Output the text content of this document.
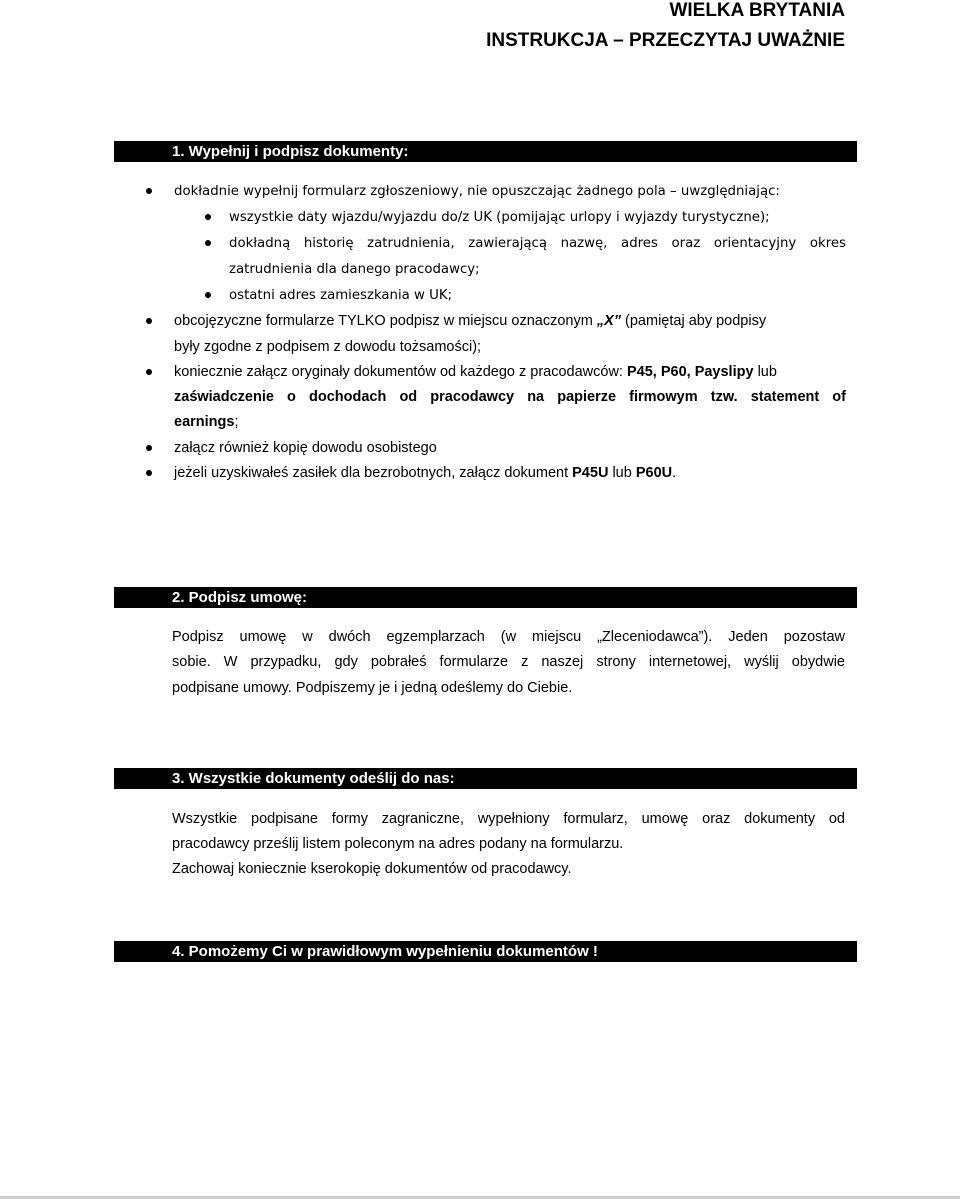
WIELKA BRYTANIA
INSTRUKCJA – PRZECZYTAJ UWAŻNIE
1. Wypełnij i podpisz dokumenty:
dokładnie wypełnij formularz zgłoszeniowy, nie opuszczając żadnego pola – uwzględniając:
wszystkie daty wjazdu/wyjazdu do/z UK (pomijając urlopy i wyjazdy turystyczne);
dokładną historię zatrudnienia, zawierającą nazwę, adres oraz orientacyjny okres
zatrudnienia dla danego pracodawcy;
ostatni adres zamieszkania w UK;
obcojęzyczne formularze TYLKO podpisz w miejscu oznaczonym „X” (pamiętaj aby podpisy
były zgodne z podpisem z dowodu tożsamości);
koniecznie załącz oryginały dokumentów od każdego z pracodawców: P45, P60, Payslipy lub
zaświadczenie o dochodach od pracodawcy na papierze firmowym tzw. statement of
earnings;
załącz również kopię dowodu osobistego
jeżeli uzyskiwałeś zasiłek dla bezrobotnych, załącz dokument P45U lub P60U.
2. Podpisz umowę:
Podpisz umowę w dwóch egzemplarzach (w miejscu „Zleceniodawca”). Jeden pozostaw
sobie. W przypadku, gdy pobrałeś formularze z naszej strony internetowej, wyślij obydwie
podpisane umowy. Podpiszemy je i jedną odeślemy do Ciebie.
3. Wszystkie dokumenty odeślij do nas:
Wszystkie podpisane formy zagraniczne, wypełniony formularz, umowę oraz dokumenty od
pracodawcy prześlij listem poleconym na adres podany na formularzu.
Zachowaj koniecznie kserokopię dokumentów od pracodawcy.
4. Pomożemy Ci w prawidłowym wypełnieniu dokumentów !
